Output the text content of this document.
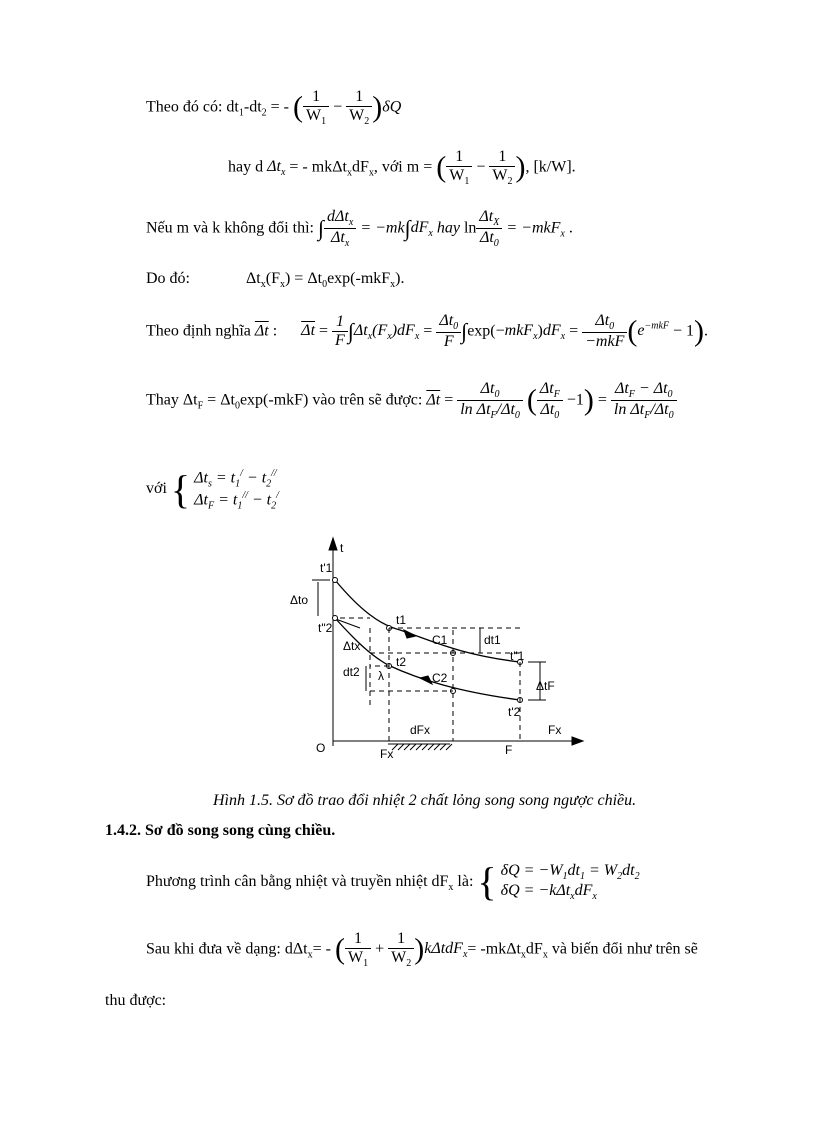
Theo đó có: $dt_1-dt_2$ = - ( $\frac{1}{W_1} - \frac{1}{W_2} )\delta Q$
hay d $\Delta t_x$ = - $mk\Delta t_xdF_x$, với m = ( $\frac{1}{W_1} - \frac{1}{W_2}$ ), [k/W].
Nếu m và k không đổi thì: ∫ dΔt$_x$
$\Delta t_x$
= $-mk\int dF_x$ hay ln
$\Delta t_X$
$\Delta t_0$
= −mkF$_x$ .
Do đó:	$\Delta t_x(F_x) = \Delta t_0\exp(-mkF_x)$.
Theo định nghĩa $\overline{\Delta t}$ : $\overline{\Delta t} = \frac{1}{F} \int\Delta t_x(F_x)dF_x = \frac{\Delta t_0}{F} \int\exp(-mkF_x)dF_x$ =
$\Delta t_0$
−mkF $(e^{-mkF} - 1)$.
Thay $\Delta t_F = \Delta t_0\exp(-mkF)$ vào trên sẽ được: $\overline{\Delta t}$ =
$\Delta t_0$
$\ln \Delta t_F/\Delta t_0$ ( $\Delta t_F$
$\Delta t_0$
−1) =
$\Delta t_F - \Delta t_0$
$\ln \Delta t_F/\Delta t_0$
với { $\Delta t_s = t_1^/ - t_2^{//}$
$\Delta t_F = t_1^{//} - t_2^/$
t
Fx
O
t'1
t"2
Δto
t1
t2
C1
C2
dt1
dt2
Δtx
λ
t"1
ΔtF
t'2
dFx
Fx	F
Hình 1.5. Sơ đồ trao đổi nhiệt 2 chất lỏng song song ngược chiều.
1.4.2. Sơ đồ song song cùng chiều.
Phương trình cân bằng nhiệt và truyền nhiệt $dF_x$ là: { $\delta Q = -W_1dt_1 = W_2dt_2$
$\delta Q = -k\Delta t_xdF_x$
Sau khi đưa về dạng: dΔt$_x$= - ( $\frac{1}{W_1} + \frac{1}{W_2} )k\Delta tdF_x= -mk\Delta t_xdF_x$ và biến đổi như trên sẽ
thu được:
